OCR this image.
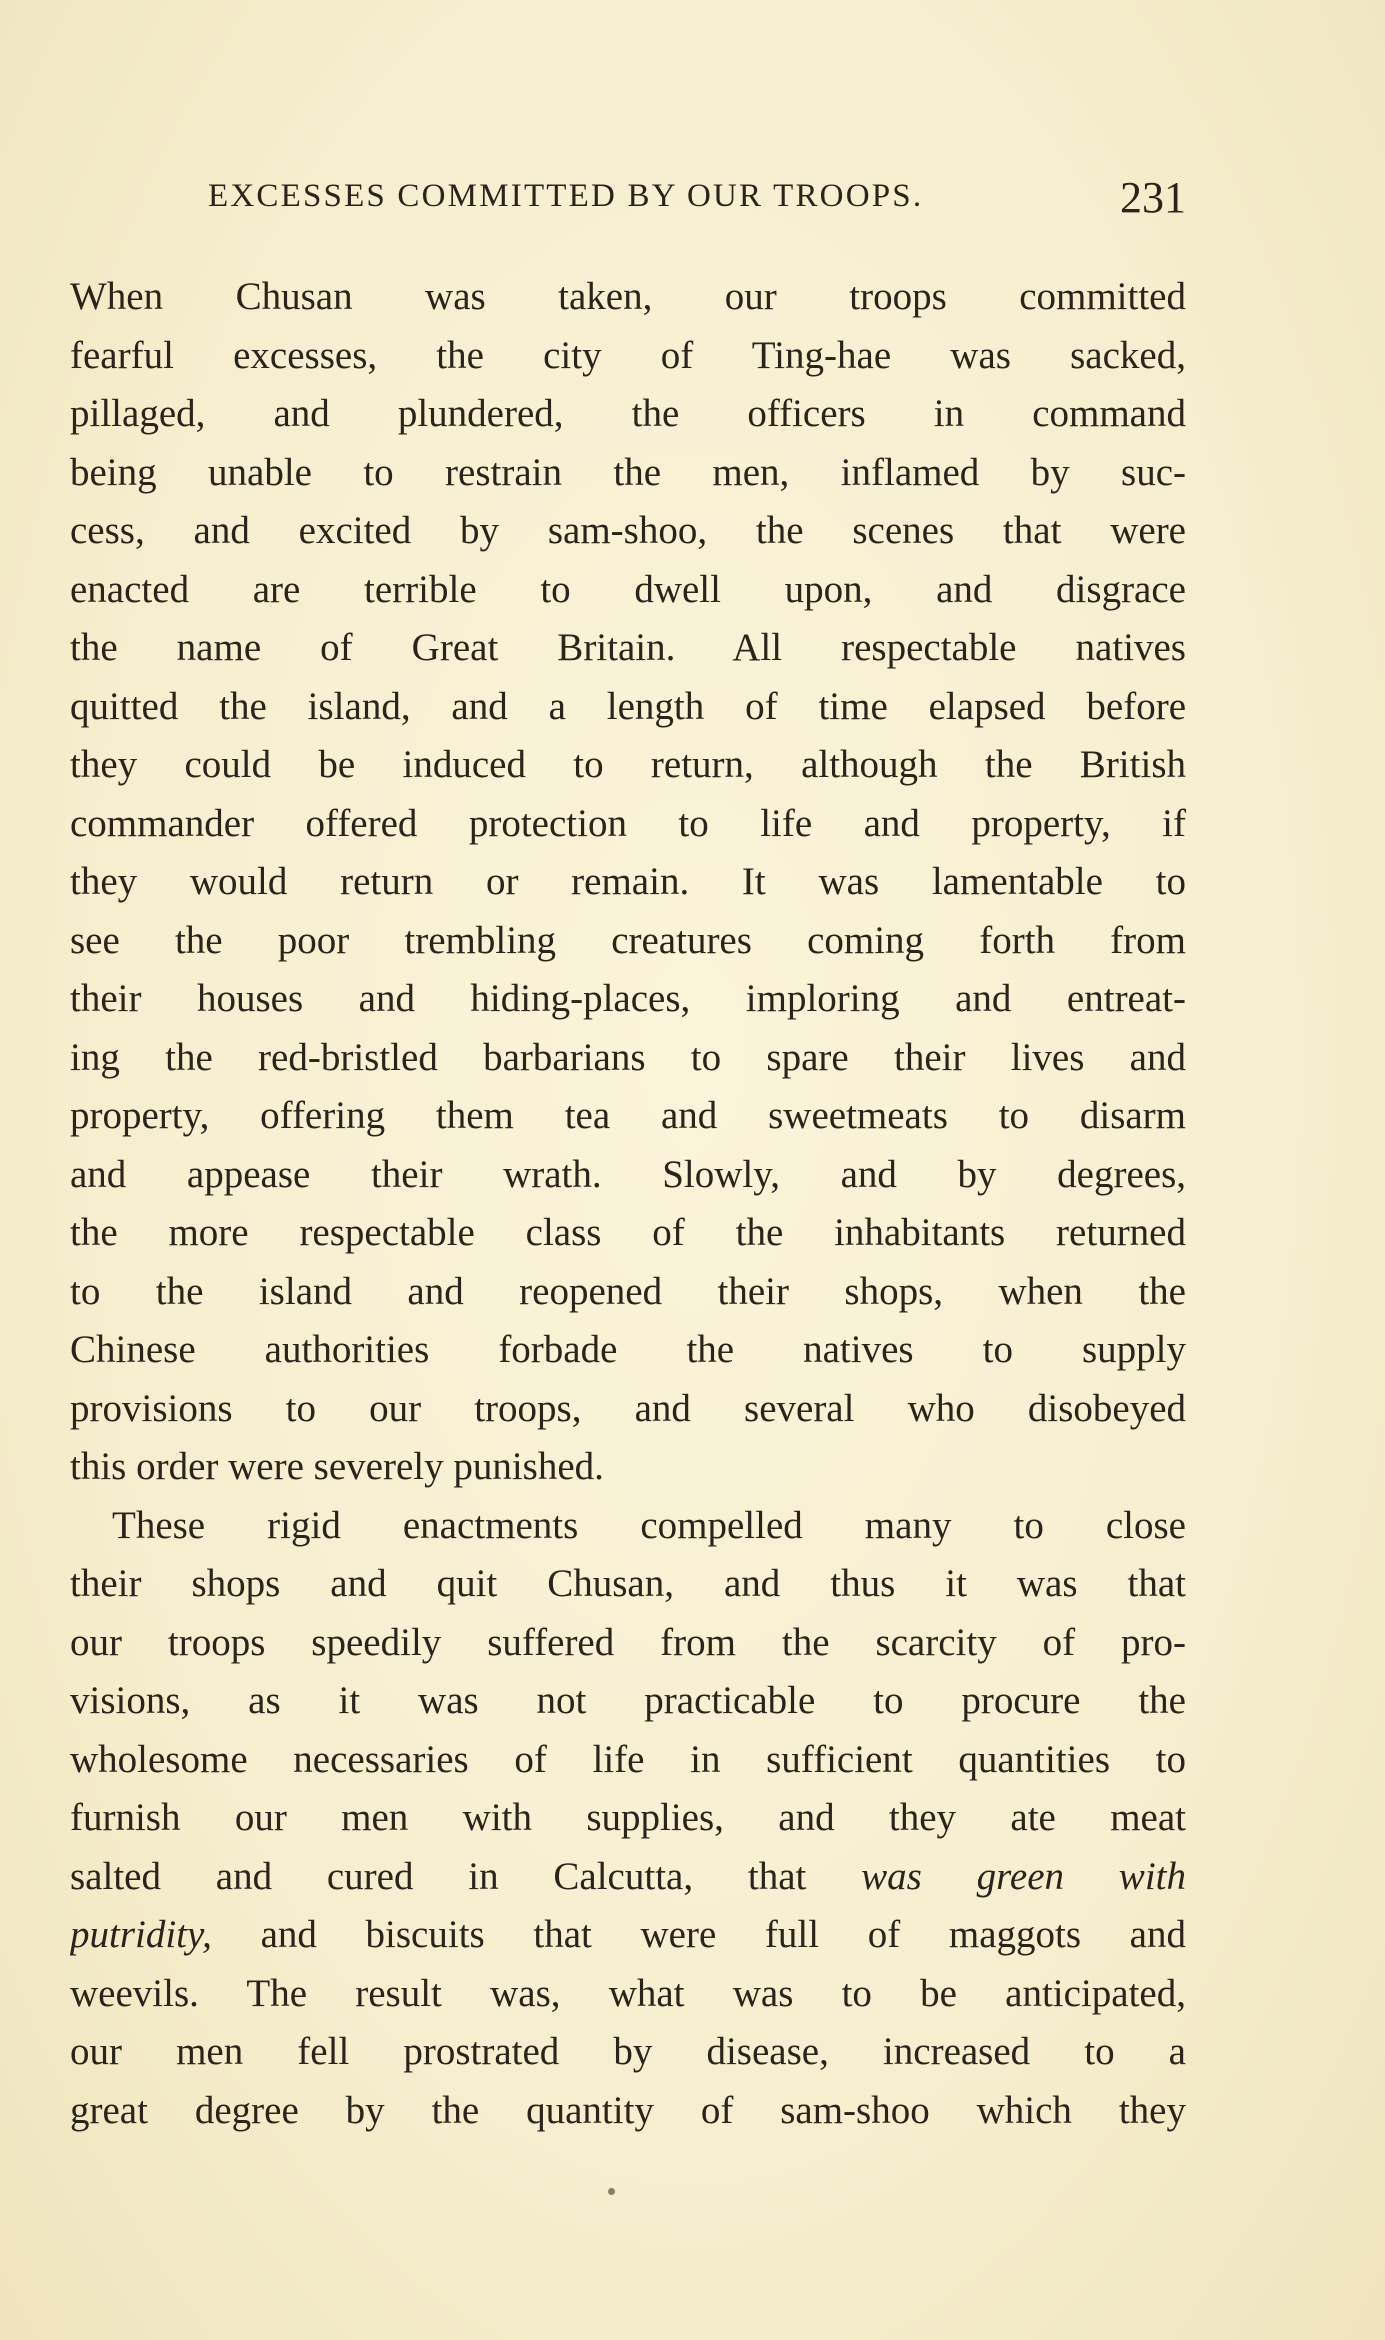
EXCESSES COMMITTED BY OUR TROOPS.	231
When Chusan was taken, our troops committed
fearful excesses, the city of Ting-hae was sacked,
pillaged, and plundered, the officers in command
being unable to restrain the men, inflamed by suc-
cess, and excited by sam-shoo, the scenes that were
enacted are terrible to dwell upon, and disgrace
the name of Great Britain. All respectable natives
quitted the island, and a length of time elapsed before
they could be induced to return, although the British
commander offered protection to life and property, if
they would return or remain. It was lamentable to
see the poor trembling creatures coming forth from
their houses and hiding-places, imploring and entreat-
ing the red-bristled barbarians to spare their lives and
property, offering them tea and sweetmeats to disarm
and appease their wrath. Slowly, and by degrees,
the more respectable class of the inhabitants returned
to the island and reopened their shops, when the
Chinese authorities forbade the natives to supply
provisions to our troops, and several who disobeyed
this order were severely punished.
These rigid enactments compelled many to close
their shops and quit Chusan, and thus it was that
our troops speedily suffered from the scarcity of pro-
visions, as it was not practicable to procure the
wholesome necessaries of life in sufficient quantities to
furnish our men with supplies, and they ate meat
salted and cured in Calcutta, that was green with
putridity, and biscuits that were full of maggots and
weevils. The result was, what was to be anticipated,
our men fell prostrated by disease, increased to a
great degree by the quantity of sam-shoo which they
